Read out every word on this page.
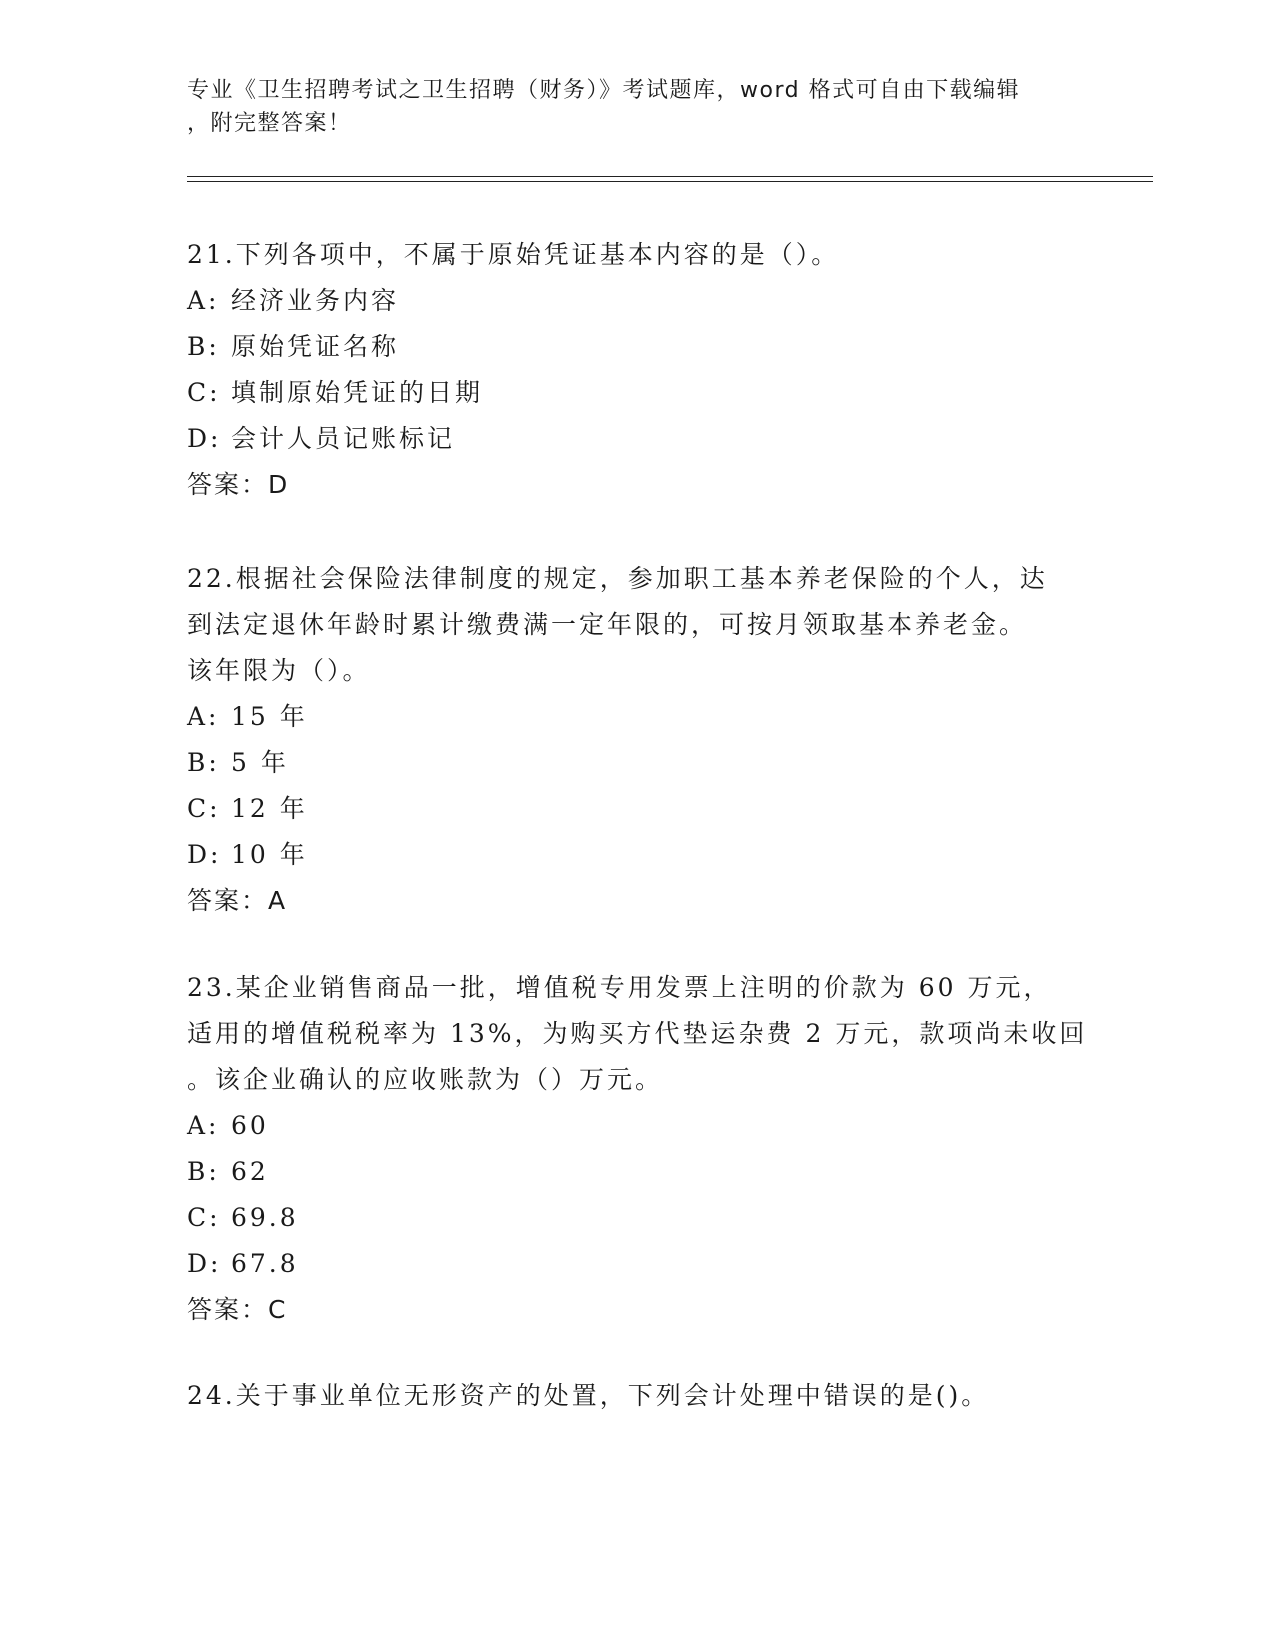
专业《卫生招聘考试之卫生招聘（财务）》考试题库，word 格式可自由下载编辑
，附完整答案！
21.下列各项中，不属于原始凭证基本内容的是（）。
A: 经济业务内容
B: 原始凭证名称
C: 填制原始凭证的日期
D: 会计人员记账标记
答案：D
22.根据社会保险法律制度的规定，参加职工基本养老保险的个人，达
到法定退休年龄时累计缴费满一定年限的，可按月领取基本养老金。
该年限为（）。
A: 15 年
B: 5 年
C: 12 年
D: 10 年
答案：A
23.某企业销售商品一批，增值税专用发票上注明的价款为 60 万元，
适用的增值税税率为 13%，为购买方代垫运杂费 2 万元，款项尚未收回
。该企业确认的应收账款为（）万元。
A: 60
B: 62
C: 69.8
D: 67.8
答案：C
24.关于事业单位无形资产的处置，下列会计处理中错误的是()。
